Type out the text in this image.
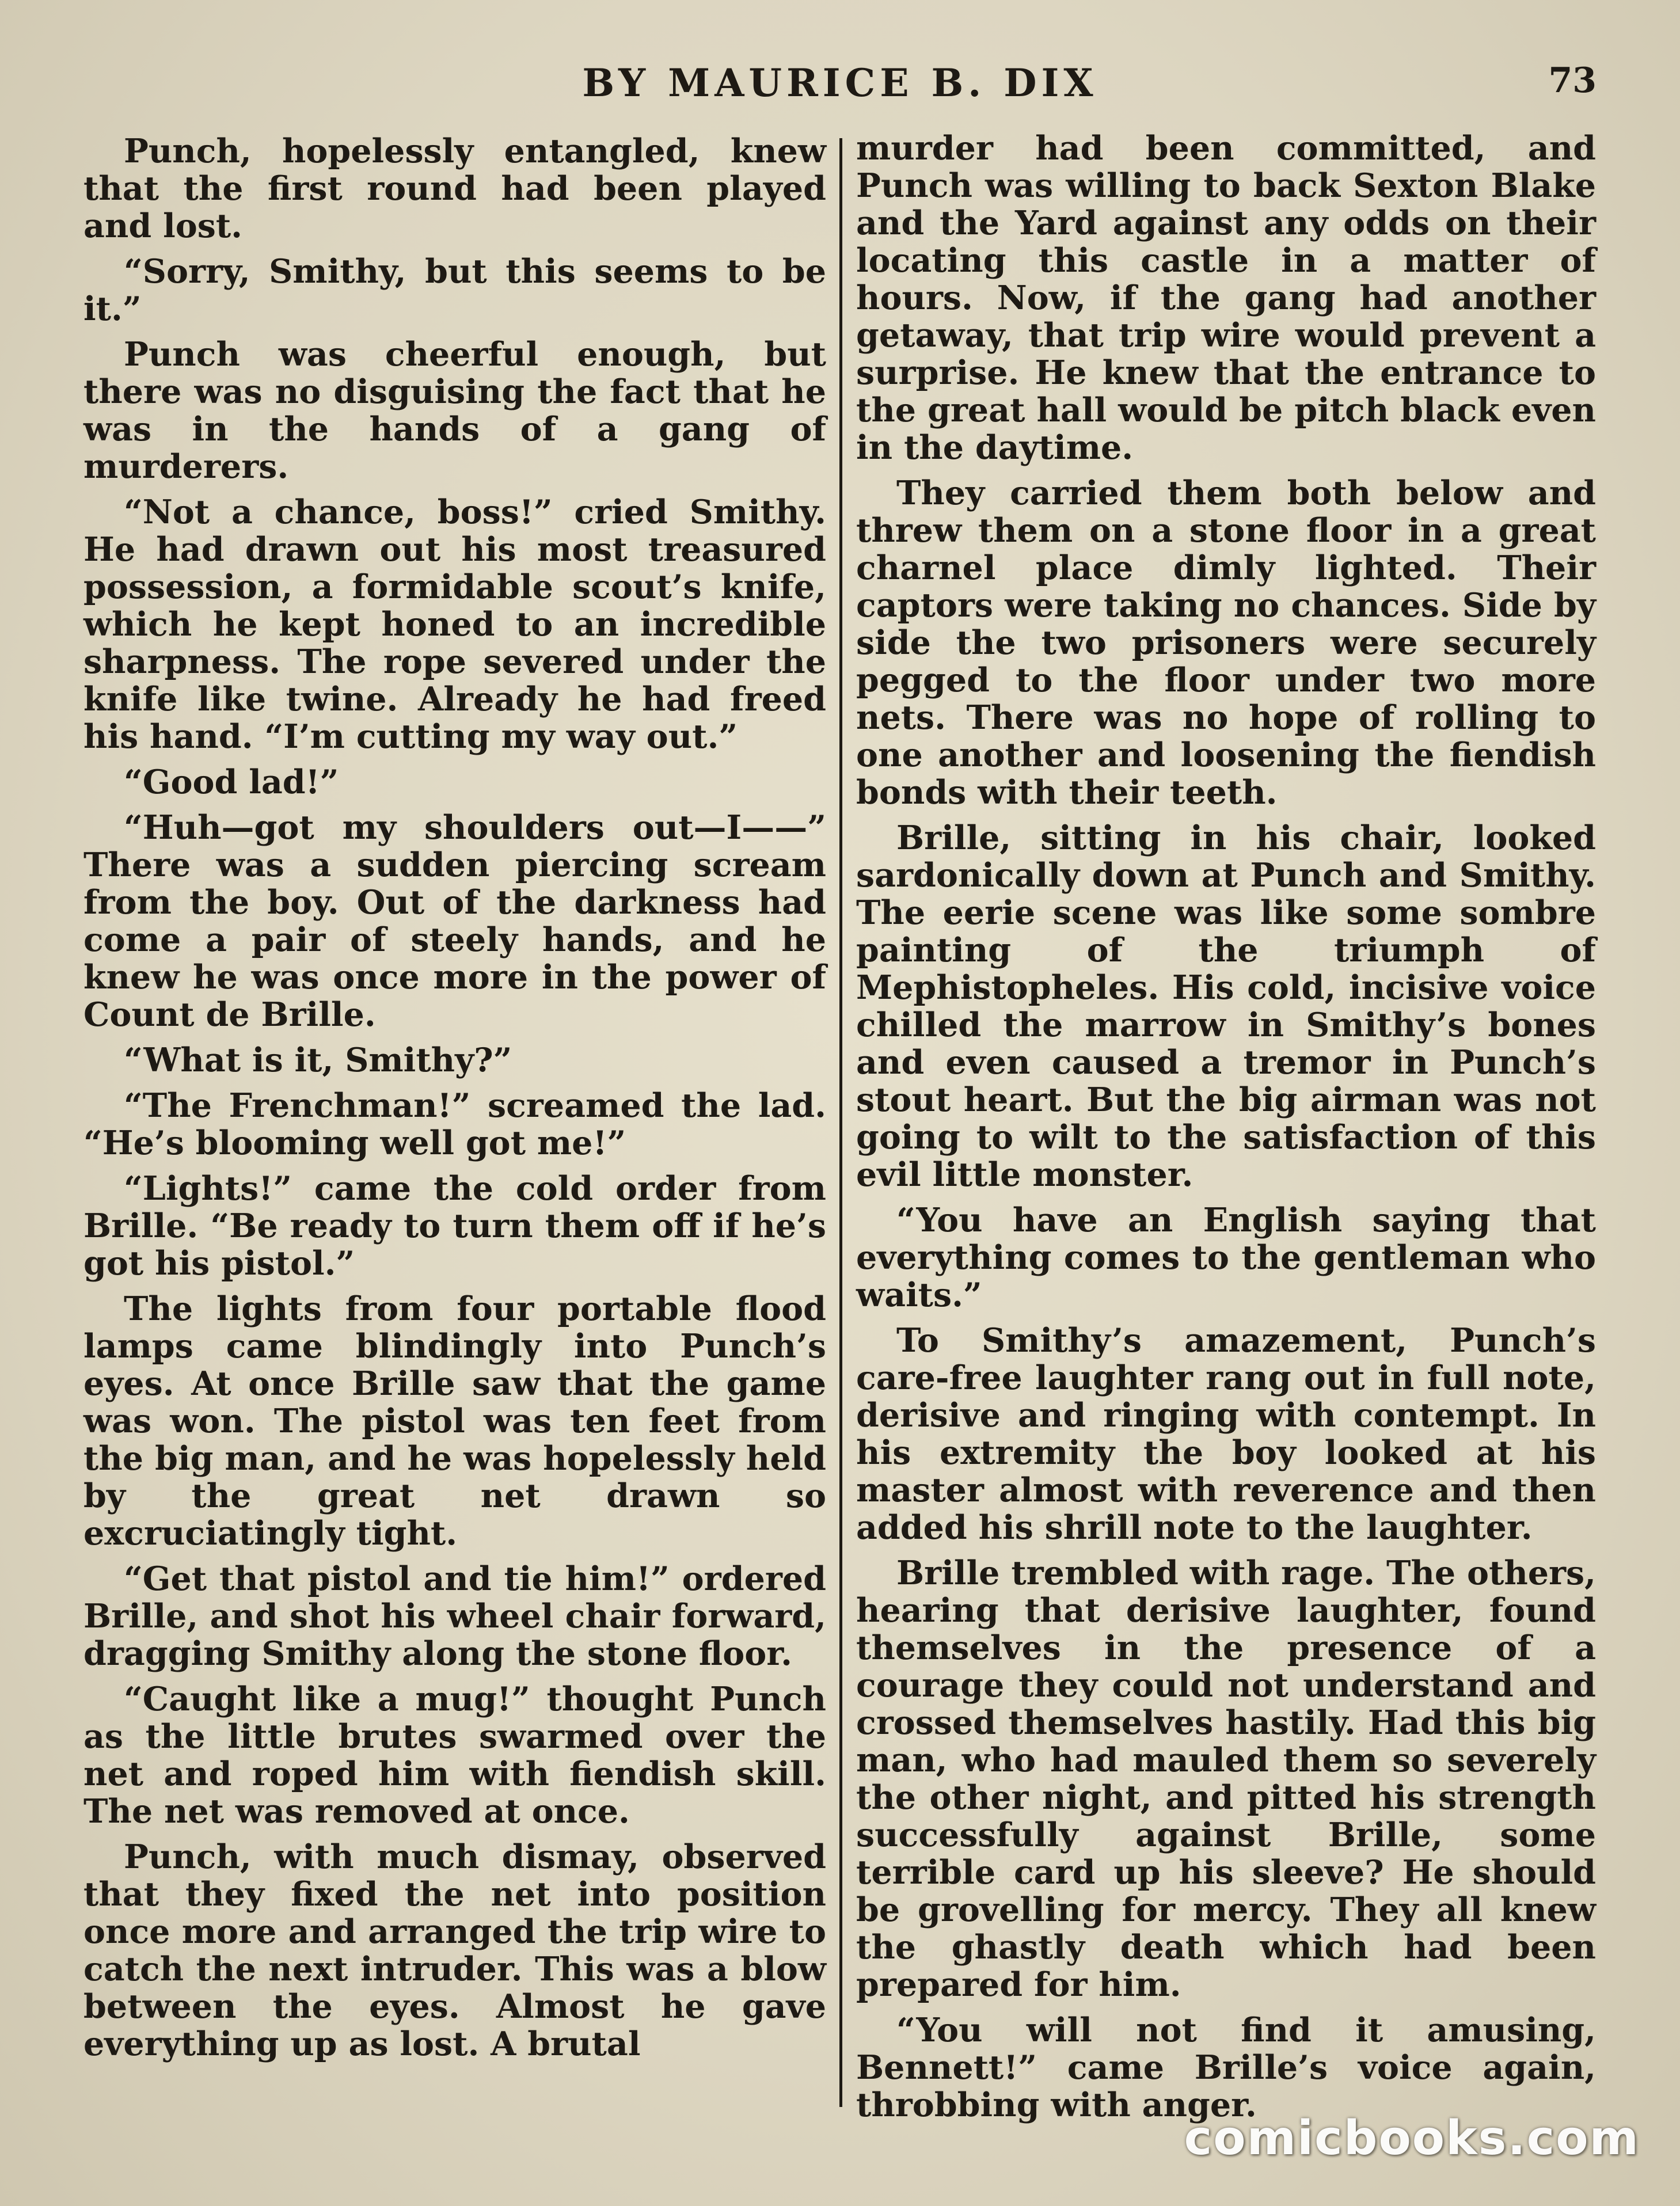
BY MAURICE B. DIX	73

Punch, hopelessly entangled, knew that the first round had been played and lost.

“Sorry, Smithy, but this seems to be it.”

Punch was cheerful enough, but there was no disguising the fact that he was in the hands of a gang of murderers.

“Not a chance, boss!” cried Smithy. He had drawn out his most treasured possession, a formidable scout’s knife, which he kept honed to an incredible sharpness. The rope severed under the knife like twine. Already he had freed his hand. “I’m cutting my way out.”

“Good lad!”

“Huh—got my shoulders out—I——” There was a sudden piercing scream from the boy. Out of the darkness had come a pair of steely hands, and he knew he was once more in the power of Count de Brille.

“What is it, Smithy?”

“The Frenchman!” screamed the lad. “He’s blooming well got me!”

“Lights!” came the cold order from Brille. “Be ready to turn them off if he’s got his pistol.”

The lights from four portable flood lamps came blindingly into Punch’s eyes. At once Brille saw that the game was won. The pistol was ten feet from the big man, and he was hopelessly held by the great net drawn so excruciatingly tight.

“Get that pistol and tie him!” ordered Brille, and shot his wheel chair forward, dragging Smithy along the stone floor.

“Caught like a mug!” thought Punch as the little brutes swarmed over the net and roped him with fiendish skill. The net was removed at once.

Punch, with much dismay, observed that they fixed the net into position once more and arranged the trip wire to catch the next intruder. This was a blow between the eyes. Almost he gave everything up as lost. A brutal

murder had been committed, and Punch was willing to back Sexton Blake and the Yard against any odds on their locating this castle in a matter of hours. Now, if the gang had another getaway, that trip wire would prevent a surprise. He knew that the entrance to the great hall would be pitch black even in the daytime.

They carried them both below and threw them on a stone floor in a great charnel place dimly lighted. Their captors were taking no chances. Side by side the two prisoners were securely pegged to the floor under two more nets. There was no hope of rolling to one another and loosening the fiendish bonds with their teeth.

Brille, sitting in his chair, looked sardonically down at Punch and Smithy. The eerie scene was like some sombre painting of the triumph of Mephistopheles. His cold, incisive voice chilled the marrow in Smithy’s bones and even caused a tremor in Punch’s stout heart. But the big airman was not going to wilt to the satisfaction of this evil little monster.

“You have an English saying that everything comes to the gentleman who waits.”

To Smithy’s amazement, Punch’s care-free laughter rang out in full note, derisive and ringing with contempt. In his extremity the boy looked at his master almost with reverence and then added his shrill note to the laughter.

Brille trembled with rage. The others, hearing that derisive laughter, found themselves in the presence of a courage they could not understand and crossed themselves hastily. Had this big man, who had mauled them so severely the other night, and pitted his strength successfully against Brille, some terrible card up his sleeve? He should be grovelling for mercy. They all knew the ghastly death which had been prepared for him.

“You will not find it amusing, Bennett!” came Brille’s voice again, throbbing with anger.

comicbooks.com
